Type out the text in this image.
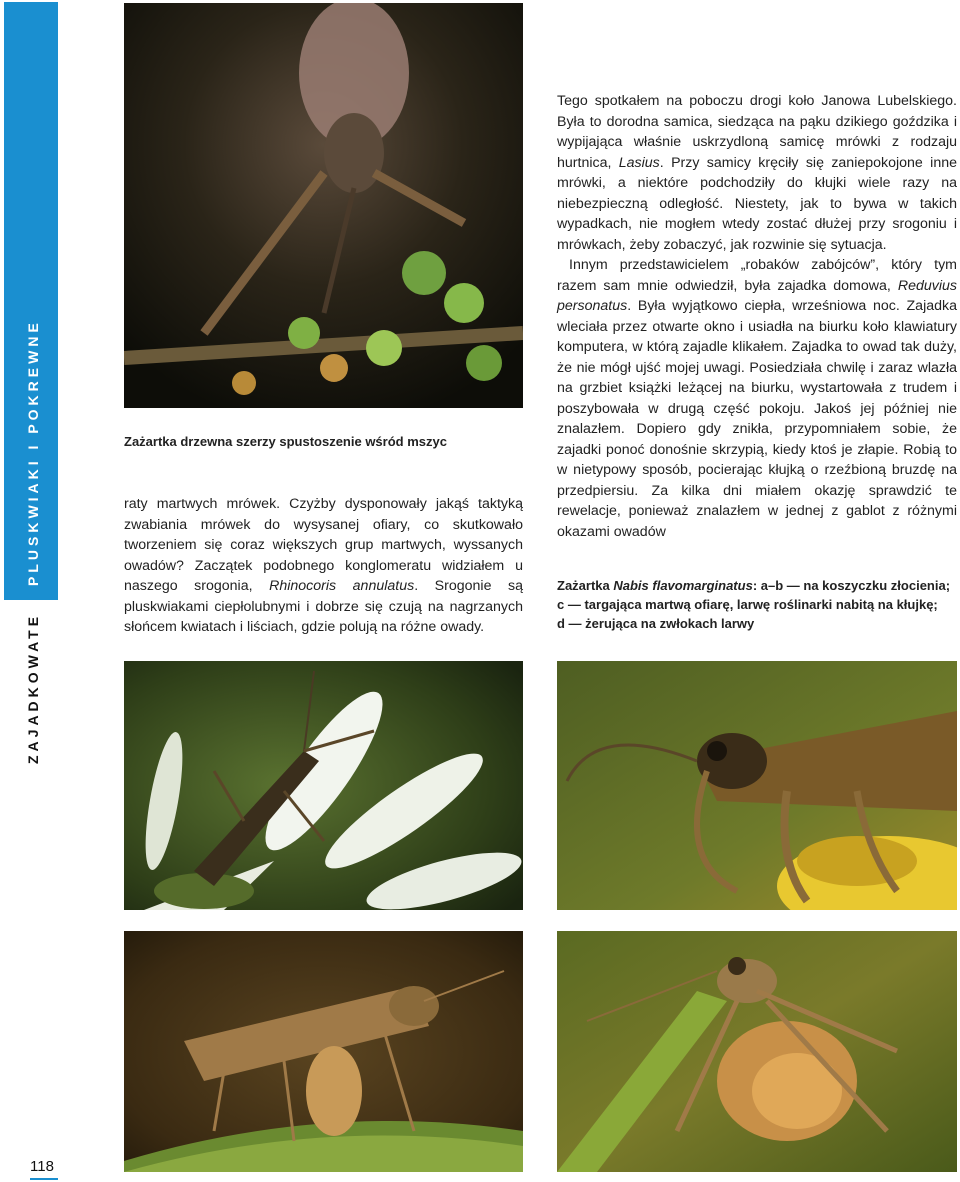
PLUSKWIAKI I POKREWNE
ZAJADKOWATE
118
Zażartka drzewna szerzy spustoszenie wśród mszyc

raty martwych mrówek. Czyżby dysponowały jakąś taktyką zwabiania mrówek do wysysanej ofiary, co skutkowało tworzeniem się coraz większych grup martwych, wyssanych owadów? Zaczątek podobnego konglomeratu widziałem u naszego srogonia, Rhinocoris annulatus. Srogonie są pluskwiakami ciepłolubnymi i dobrze się czują na nagrzanych słońcem kwiatach i liściach, gdzie polują na różne owady.

Tego spotkałem na poboczu drogi koło Janowa Lubelskiego. Była to dorodna samica, siedząca na pąku dzikiego goździka i wypijająca właśnie uskrzydloną samicę mrówki z rodzaju hurtnica, Lasius. Przy samicy kręciły się zaniepokojone inne mrówki, a niektóre podchodziły do kłujki wiele razy na niebezpieczną odległość. Niestety, jak to bywa w takich wypadkach, nie mogłem wtedy zostać dłużej przy srogoniu i mrówkach, żeby zobaczyć, jak rozwinie się sytuacja.

Innym przedstawicielem „robaków zabójców”, który tym razem sam mnie odwiedził, była zajadka domowa, Reduvius personatus. Była wyjątkowo ciepła, wrześniowa noc. Zajadka wleciała przez otwarte okno i usiadła na biurku koło klawiatury komputera, w którą zajadle klikałem. Zajadka to owad tak duży, że nie mógł ujść mojej uwagi. Posiedziała chwilę i zaraz wlazła na grzbiet książki leżącej na biurku, wystartowała z trudem i poszybowała w drugą część pokoju. Jakoś jej później nie znalazłem. Dopiero gdy znikła, przypomniałem sobie, że zajadki ponoć donośnie skrzypią, kiedy ktoś je złapie. Robią to w nietypowy sposób, pocierając kłujką o rzeźbioną bruzdę na przedpiersiu. Za kilka dni miałem okazję sprawdzić te rewelacje, ponieważ znalazłem w jednej z gablot z różnymi okazami owadów

Zażartka Nabis flavomarginatus: a–b — na koszyczku złocienia;
c — targająca martwą ofiarę, larwę roślinarki nabitą na kłujkę;
d — żerująca na zwłokach larwy
